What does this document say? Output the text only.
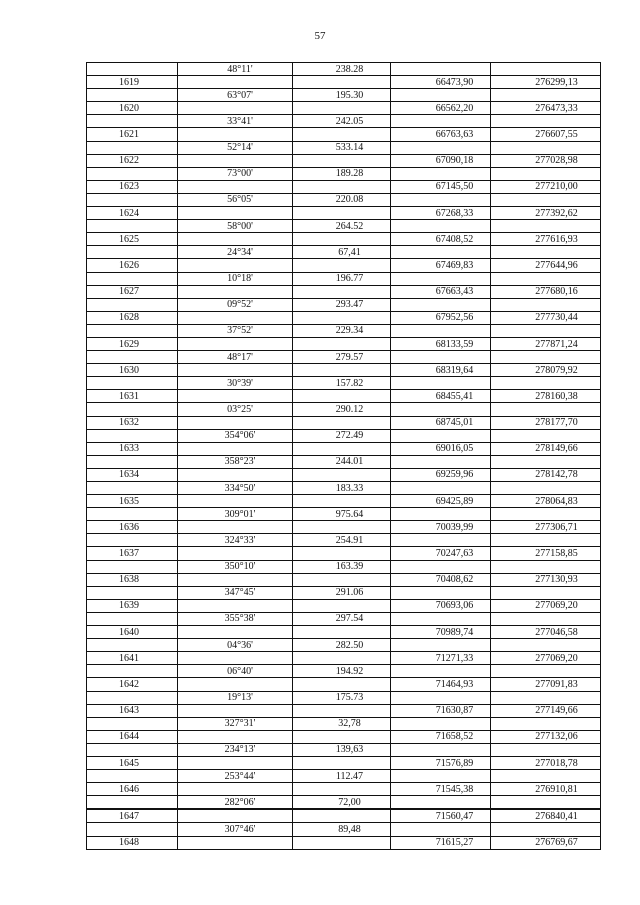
57
	48°11'	238.28		
1619			66473,90	276299,13
	63°07'	195.30		
1620			66562,20	276473,33
	33°41'	242.05		
1621			66763,63	276607,55
	52°14'	533.14		
1622			67090,18	277028,98
	73°00'	189.28		
1623			67145,50	277210,00
	56°05'	220.08		
1624			67268,33	277392,62
	58°00'	264.52		
1625			67408,52	277616,93
	24°34'	67,41		
1626			67469,83	277644,96
	10°18'	196.77		
1627			67663,43	277680,16
	09°52'	293.47		
1628			67952,56	277730,44
	37°52'	229.34		
1629			68133,59	277871,24
	48°17'	279.57		
1630			68319,64	278079,92
	30°39'	157.82		
1631			68455,41	278160,38
	03°25'	290.12		
1632			68745,01	278177,70
	354°06'	272.49		
1633			69016,05	278149,66
	358°23'	244.01		
1634			69259,96	278142,78
	334°50'	183.33		
1635			69425,89	278064,83
	309°01'	975.64		
1636			70039,99	277306,71
	324°33'	254.91		
1637			70247,63	277158,85
	350°10'	163.39		
1638			70408,62	277130,93
	347°45'	291.06		
1639			70693,06	277069,20
	355°38'	297.54		
1640			70989,74	277046,58
	04°36'	282.50		
1641			71271,33	277069,20
	06°40'	194.92		
1642			71464,93	277091,83
	19°13'	175.73		
1643			71630,87	277149,66
	327°31'	32,78		
1644			71658,52	277132,06
	234°13'	139,63		
1645			71576,89	277018,78
	253°44'	112.47		
1646			71545,38	276910,81
	282°06'	72,00		
1647			71560,47	276840,41
	307°46'	89,48		
1648			71615,27	276769,67
